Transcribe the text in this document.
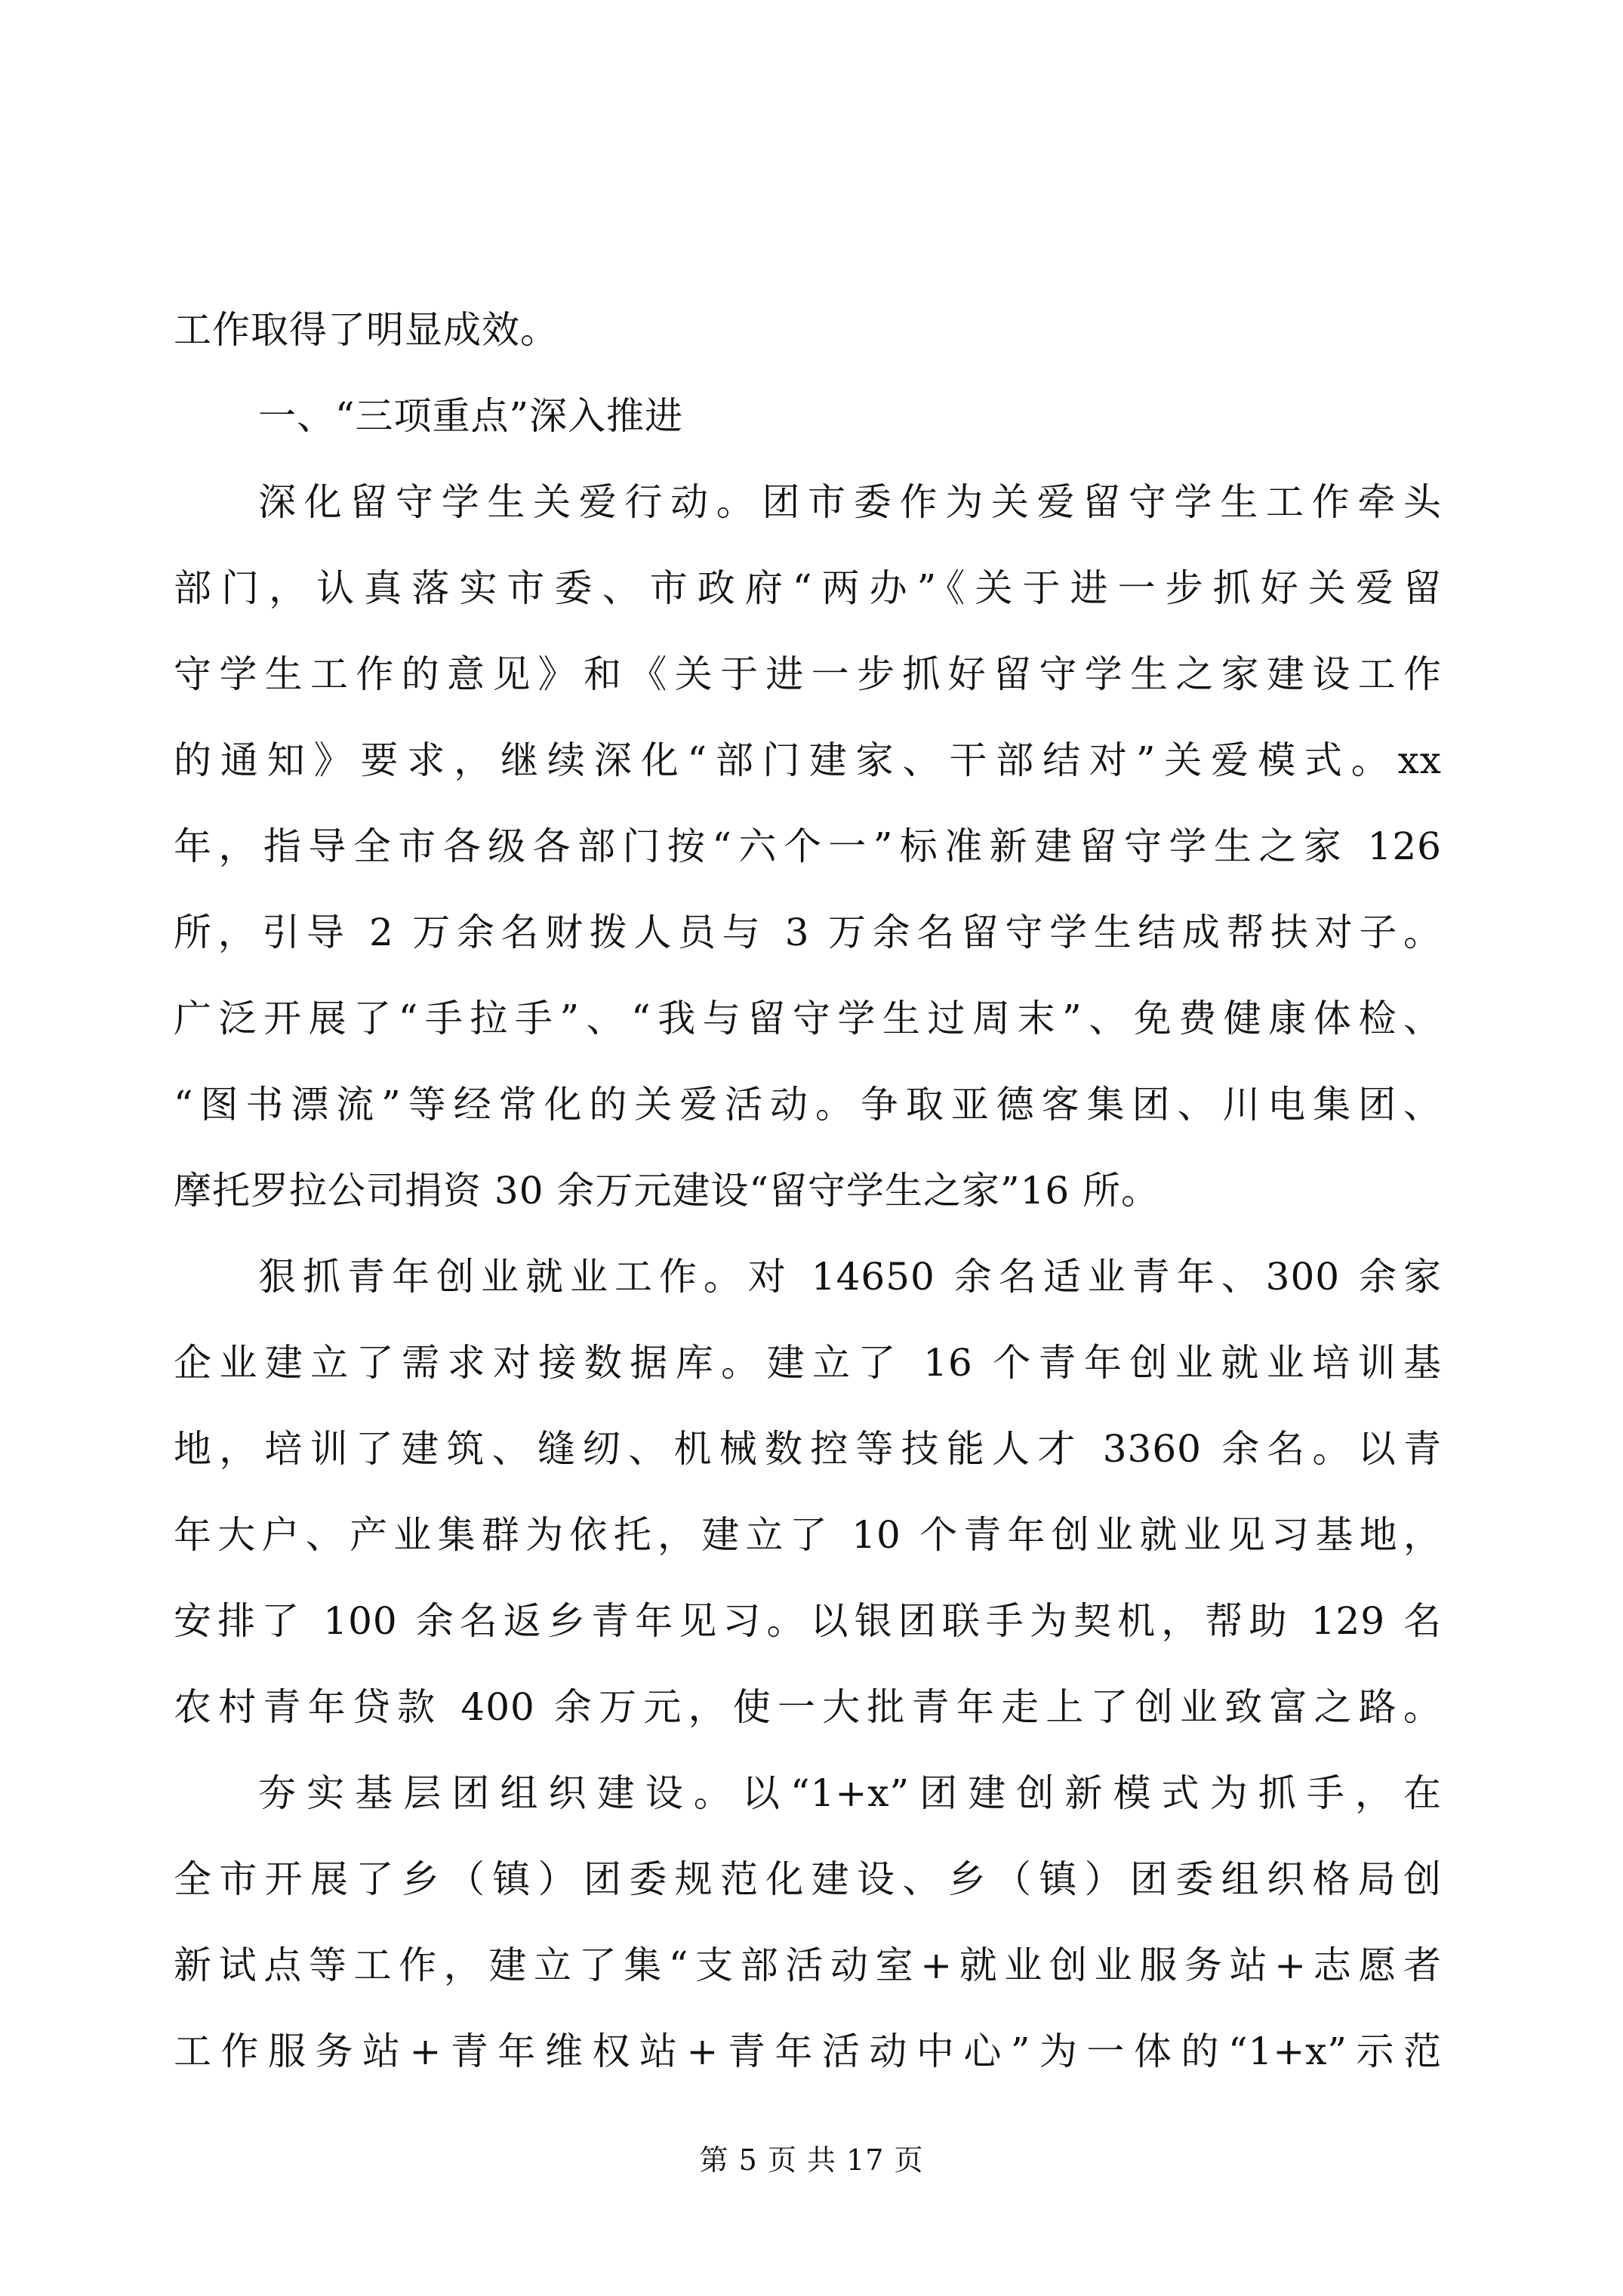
工作取得了明显成效。
一、“三项重点”深入推进
深化留守学生关爱行动。团市委作为关爱留守学生工作牵头
部门，认真落实市委、市政府“两办”《关于进一步抓好关爱留
守学生工作的意见》和《关于进一步抓好留守学生之家建设工作
的通知》要求，继续深化“部门建家、干部结对”关爱模式。xx
年，指导全市各级各部门按“六个一”标准新建留守学生之家 126
所，引导 2 万余名财拨人员与 3 万余名留守学生结成帮扶对子。
广泛开展了“手拉手”、“我与留守学生过周末”、免费健康体检、
“图书漂流”等经常化的关爱活动。争取亚德客集团、川电集团、
摩托罗拉公司捐资 30 余万元建设“留守学生之家”16 所。
狠抓青年创业就业工作。对 14650 余名适业青年、300 余家
企业建立了需求对接数据库。建立了 16 个青年创业就业培训基
地，培训了建筑、缝纫、机械数控等技能人才 3360 余名。以青
年大户、产业集群为依托，建立了 10 个青年创业就业见习基地，
安排了 100 余名返乡青年见习。以银团联手为契机，帮助 129 名
农村青年贷款 400 余万元，使一大批青年走上了创业致富之路。
夯实基层团组织建设。以“1+x”团建创新模式为抓手，在
全市开展了乡（镇）团委规范化建设、乡（镇）团委组织格局创
新试点等工作，建立了集“支部活动室+就业创业服务站+志愿者
工作服务站+青年维权站+青年活动中心”为一体的“1+x”示范
第 5 页 共 17 页
